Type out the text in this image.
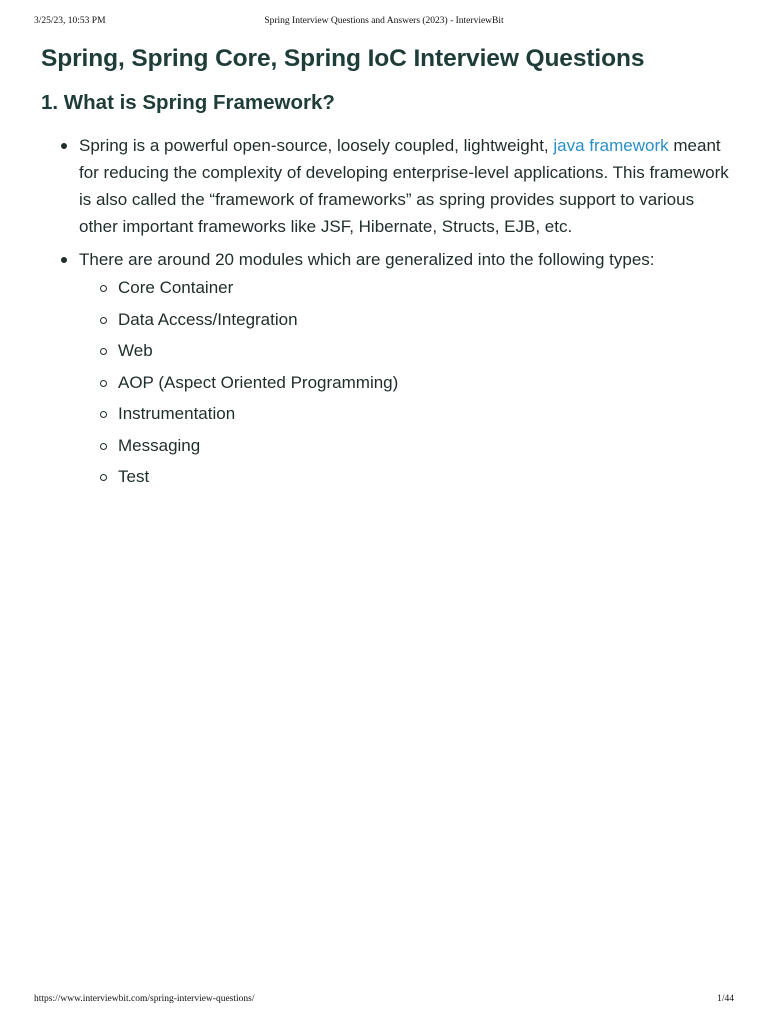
3/25/23, 10:53 PM	Spring Interview Questions and Answers (2023) - InterviewBit
Spring, Spring Core, Spring IoC Interview Questions
1. What is Spring Framework?
Spring is a powerful open-source, loosely coupled, lightweight, java framework meant for reducing the complexity of developing enterprise-level applications. This framework is also called the “framework of frameworks” as spring provides support to various other important frameworks like JSF, Hibernate, Structs, EJB, etc.
There are around 20 modules which are generalized into the following types:
Core Container
Data Access/Integration
Web
AOP (Aspect Oriented Programming)
Instrumentation
Messaging
Test
https://www.interviewbit.com/spring-interview-questions/	1/44
